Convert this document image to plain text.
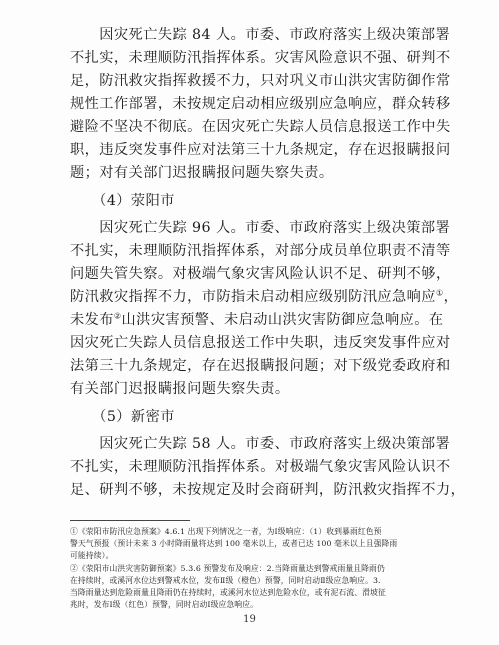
　　因灾死亡失踪 84 人。市委、市政府落实上级决策部署
不扎实，未理顺防汛指挥体系。灾害风险意识不强、研判不
足，防汛救灾指挥救援不力，只对巩义市山洪灾害防御作常
规性工作部署，未按规定启动相应级别应急响应，群众转移
避险不坚决不彻底。在因灾死亡失踪人员信息报送工作中失
职，违反突发事件应对法第三十九条规定，存在迟报瞒报问
题；对有关部门迟报瞒报问题失察失责。
　　（4）荥阳市
　　因灾死亡失踪 96 人。市委、市政府落实上级决策部署
不扎实，未理顺防汛指挥体系，对部分成员单位职责不清等
问题失管失察。对极端气象灾害风险认识不足、研判不够，
防汛救灾指挥不力，市防指未启动相应级别防汛应急响应①，
未发布②山洪灾害预警、未启动山洪灾害防御应急响应。在
因灾死亡失踪人员信息报送工作中失职，违反突发事件应对
法第三十九条规定，存在迟报瞒报问题；对下级党委政府和
有关部门迟报瞒报问题失察失责。
　　（5）新密市
　　因灾死亡失踪 58 人。市委、市政府落实上级决策部署
不扎实，未理顺防汛指挥体系。对极端气象灾害风险认识不
足、研判不够，未按规定及时会商研判，防汛救灾指挥不力，
①《荥阳市防汛应急预案》4.6.1 出现下列情况之一者，为Ⅰ级响应：（1）收到暴雨红色预
警天气预报（预计未来 3 小时降雨量将达到 100 毫米以上，或者已达 100 毫米以上且强降雨
可能持续）。
②《荥阳市山洪灾害防御预案》5.3.6 预警发布及响应：2.当降雨量达到警戒雨量且降雨仍
在持续时，或溪河水位达到警戒水位，发布Ⅱ级（橙色）预警，同时启动Ⅱ级应急响应。3.
当降雨量达到危险雨量且降雨仍在持续时，或溪河水位达到危险水位，或有泥石流、滑坡征
兆时，发布Ⅰ级（红色）预警，同时启动Ⅰ级应急响应。
19
